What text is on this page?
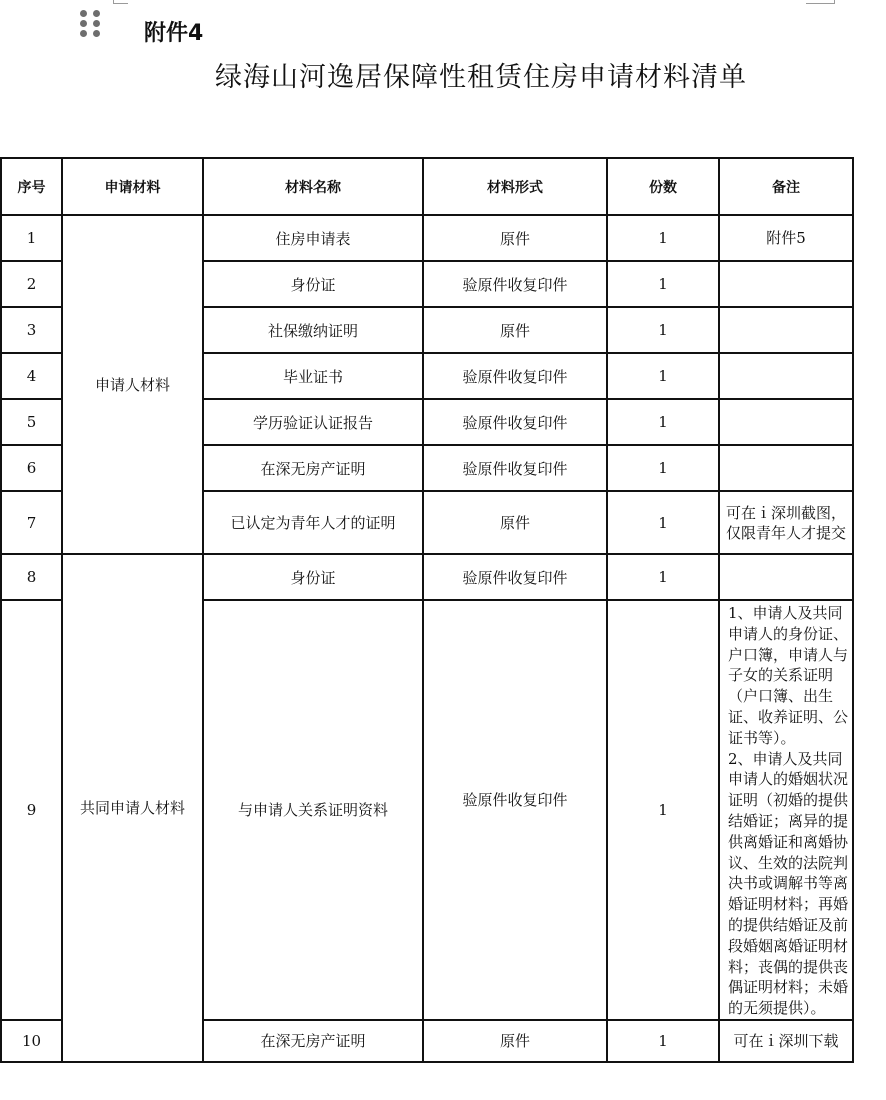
附件4
绿海山河逸居保障性租赁住房申请材料清单
序号	申请材料	材料名称	材料形式	份数	备注
1	申请人材料	住房申请表	原件	1	附件5
2		身份证	验原件收复印件	1	
3		社保缴纳证明	原件	1	
4		毕业证书	验原件收复印件	1	
5		学历验证认证报告	验原件收复印件	1	
6		在深无房产证明	验原件收复印件	1	
7		已认定为青年人才的证明	原件	1	可在ｉ深圳截图，仅限青年人才提交
8	共同申请人材料	身份证	验原件收复印件	1	
9		与申请人关系证明资料	验原件收复印件	1	1、申请人及共同申请人的身份证、户口簿，申请人与子女的关系证明（户口簿、出生证、收养证明、公证书等）。

2、申请人及共同申请人的婚姻状况证明（初婚的提供结婚证；离异的提供离婚证和离婚协议、生效的法院判决书或调解书等离婚证明材料；再婚的提供结婚证及前段婚姻离婚证明材料；丧偶的提供丧偶证明材料；未婚的无须提供）。

10		在深无房产证明	原件	1	可在ｉ深圳下载
